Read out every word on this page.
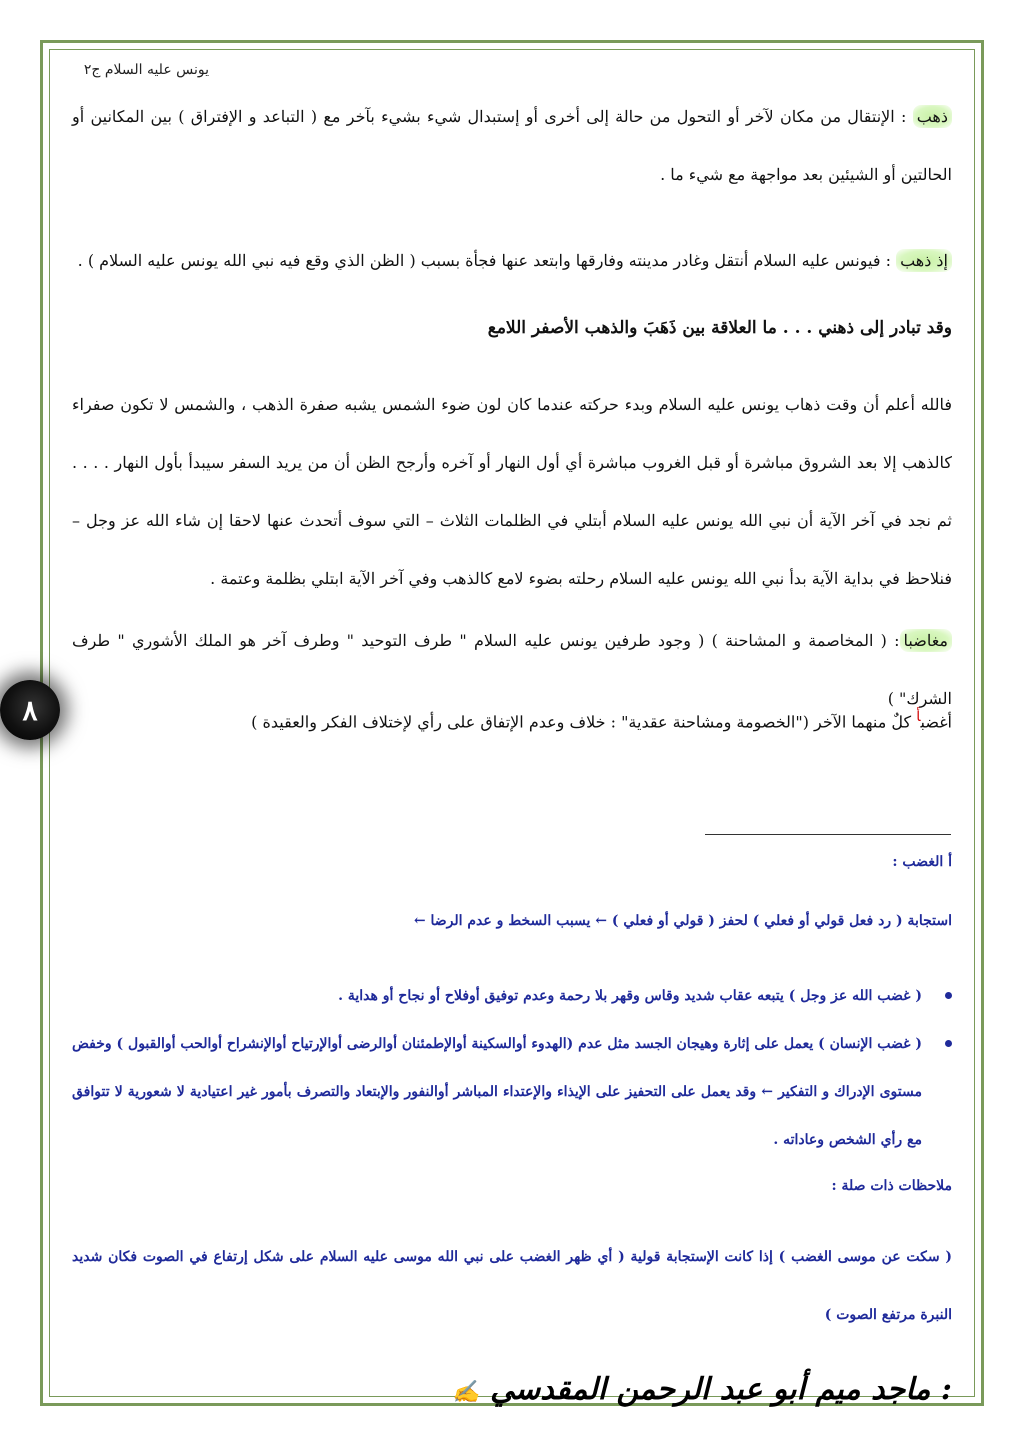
يونس عليه السلام ج٢
ذهب : الإنتقال من مكان لآخر أو التحول من حالة إلى أخرى أو إستبدال شيء بشيء بآخر مع ( التباعد و الإفتراق ) بين المكانين أو الحالتين أو الشيئين بعد مواجهة مع شيء ما .
إذ ذهب : فيونس عليه السلام أنتقل وغادر مدينته وفارقها وابتعد عنها فجأة بسبب ( الظن الذي وقع فيه نبي الله يونس عليه السلام ) .
وقد تبادر إلى ذهني . . . ما العلاقة بين ذَهَبَ والذهب الأصفر اللامع
فالله أعلم أن وقت ذهاب يونس عليه السلام وبدء حركته عندما كان لون ضوء الشمس يشبه صفرة الذهب ، والشمس لا تكون صفراء كالذهب إلا بعد الشروق مباشرة أو قبل الغروب مباشرة أي أول النهار أو آخره وأرجح الظن أن من يريد السفر سيبدأ بأول النهار . . . . ثم نجد في آخر الآية أن نبي الله يونس عليه السلام أبتلي في الظلمات الثلاث – التي سوف أتحدث عنها لاحقا إن شاء الله عز وجل – فنلاحظ في بداية الآية بدأ نبي الله يونس عليه السلام رحلته بضوء لامع كالذهب وفي آخر الآية ابتلي بظلمة وعتمة .
مغاضبا: ( المخاصمة و المشاحنة ) ( وجود طرفين يونس عليه السلام " طرف التوحيد " وطرف آخر هو الملك الأشوري " طرف الشرك" )
أغضبأ كلٌ منهما الآخر ("الخصومة ومشاحنة عقدية" : خلاف وعدم الإتفاق على رأي لإختلاف الفكر والعقيدة )
٨
أ الغضب :
استجابة ( رد فعل قولي أو فعلي ) لحفز ( قولي أو فعلي ) ← يسبب السخط و عدم الرضا ←
( غضب الله عز وجل ) يتبعه عقاب شديد وقاس وقهر بلا رحمة وعدم توفيق أوفلاح أو نجاح أو هداية .
( غضب الإنسان ) يعمل على إثارة وهيجان الجسد مثل عدم (الهدوء أوالسكينة أوالإطمئنان أوالرضى أوالإرتياح أوالإنشراح أوالحب أوالقبول ) وخفض مستوى الإدراك و التفكير ← وقد يعمل على التحفيز على الإيذاء والإعتداء المباشر أوالنفور والإبتعاد والتصرف بأمور غير اعتيادية لا شعورية لا تتوافق مع رأي الشخص وعاداته .
ملاحظات ذات صلة :
( سكت عن موسى الغضب ) إذا كانت الإستجابة قولية ( أي ظهر الغضب على نبي الله موسى عليه السلام على شكل إرتفاع في الصوت فكان شديد النبرة مرتفع الصوت )
: ماجد ميم أبو عبد الرحمن المقدسي ✍
